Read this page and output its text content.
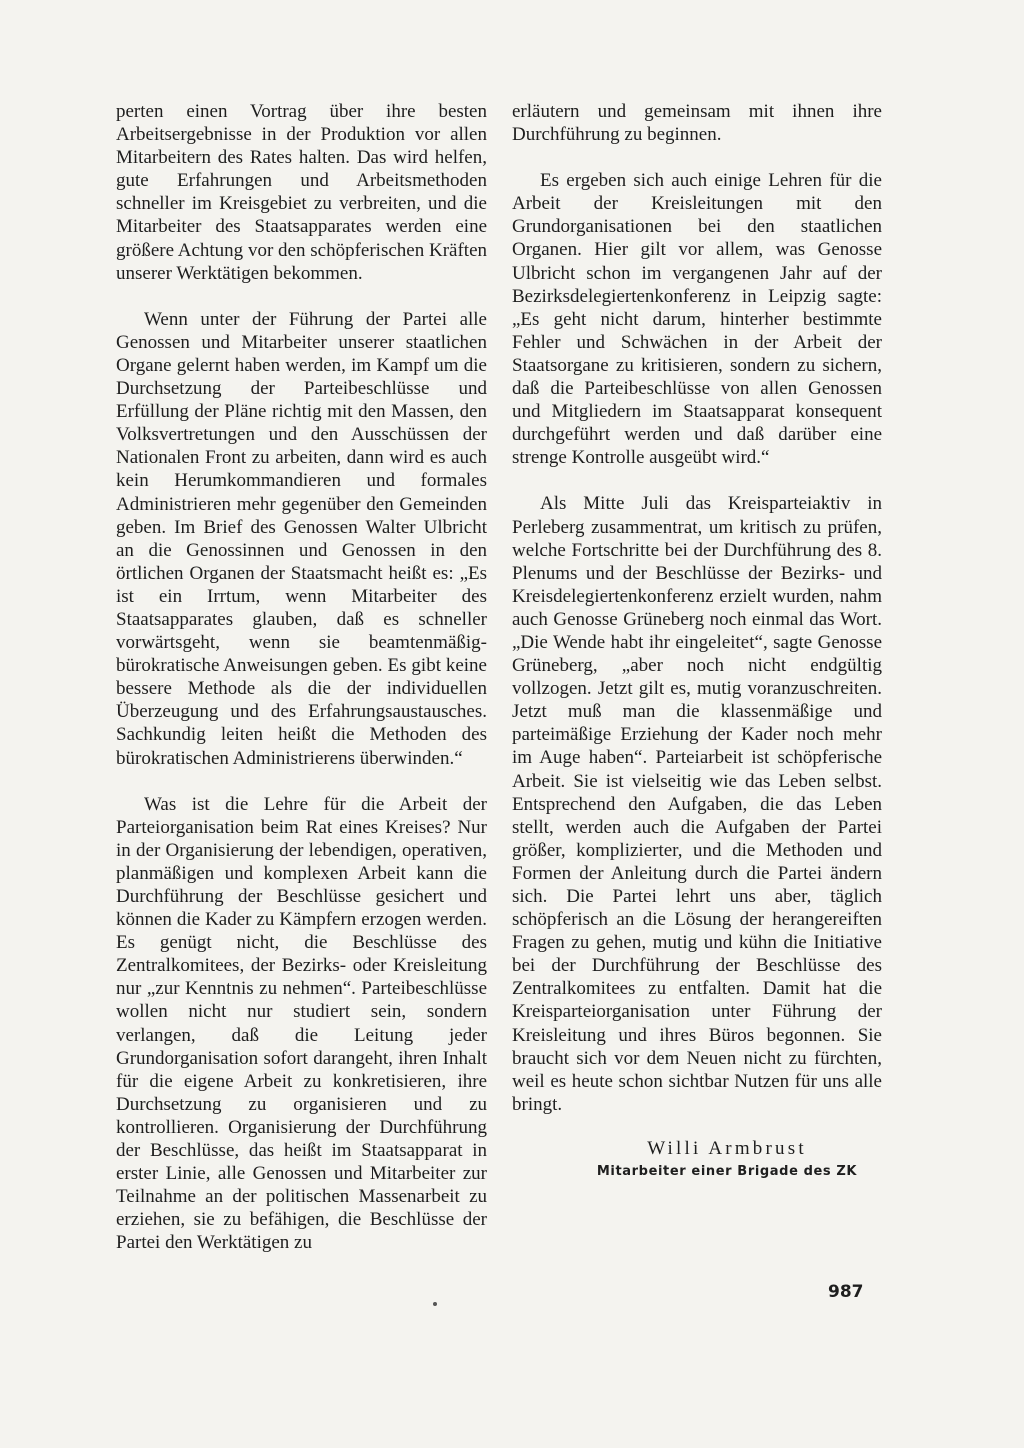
perten einen Vortrag über ihre besten Arbeitsergebnisse in der Produktion vor allen Mitarbeitern des Rates halten. Das wird helfen, gute Erfahrungen und Arbeitsmethoden schneller im Kreisgebiet zu verbreiten, und die Mitarbeiter des Staatsapparates werden eine größere Achtung vor den schöpferischen Kräften unserer Werktätigen bekommen.

Wenn unter der Führung der Partei alle Genossen und Mitarbeiter unserer staatlichen Organe gelernt haben werden, im Kampf um die Durchsetzung der Parteibeschlüsse und Erfüllung der Pläne richtig mit den Massen, den Volksvertretungen und den Ausschüssen der Nationalen Front zu arbeiten, dann wird es auch kein Herumkommandieren und formales Administrieren mehr gegenüber den Gemeinden geben. Im Brief des Genossen Walter Ulbricht an die Genossinnen und Genossen in den örtlichen Organen der Staatsmacht heißt es: „Es ist ein Irrtum, wenn Mitarbeiter des Staatsapparates glauben, daß es schneller vorwärtsgeht, wenn sie beamtenmäßig-bürokratische Anweisungen geben. Es gibt keine bessere Methode als die der individuellen Überzeugung und des Erfahrungsaustausches. Sachkundig leiten heißt die Methoden des bürokratischen Administrierens überwinden.“

Was ist die Lehre für die Arbeit der Parteiorganisation beim Rat eines Kreises? Nur in der Organisierung der lebendigen, operativen, planmäßigen und komplexen Arbeit kann die Durchführung der Beschlüsse gesichert und können die Kader zu Kämpfern erzogen werden. Es genügt nicht, die Beschlüsse des Zentralkomitees, der Bezirks- oder Kreisleitung nur „zur Kenntnis zu nehmen“. Parteibeschlüsse wollen nicht nur studiert sein, sondern verlangen, daß die Leitung jeder Grundorganisation sofort darangeht, ihren Inhalt für die eigene Arbeit zu konkretisieren, ihre Durchsetzung zu organisieren und zu kontrollieren. Organisierung der Durchführung der Beschlüsse, das heißt im Staatsapparat in erster Linie, alle Genossen und Mitarbeiter zur Teilnahme an der politischen Massenarbeit zu erziehen, sie zu befähigen, die Beschlüsse der Partei den Werktätigen zu

erläutern und gemeinsam mit ihnen ihre Durchführung zu beginnen.

Es ergeben sich auch einige Lehren für die Arbeit der Kreisleitungen mit den Grundorganisationen bei den staatlichen Organen. Hier gilt vor allem, was Genosse Ulbricht schon im vergangenen Jahr auf der Bezirksdelegiertenkonferenz in Leipzig sagte: „Es geht nicht darum, hinterher bestimmte Fehler und Schwächen in der Arbeit der Staatsorgane zu kritisieren, sondern zu sichern, daß die Parteibeschlüsse von allen Genossen und Mitgliedern im Staatsapparat konsequent durchgeführt werden und daß darüber eine strenge Kontrolle ausgeübt wird.“

Als Mitte Juli das Kreisparteiaktiv in Perleberg zusammentrat, um kritisch zu prüfen, welche Fortschritte bei der Durchführung des 8. Plenums und der Beschlüsse der Bezirks- und Kreisdelegiertenkonferenz erzielt wurden, nahm auch Genosse Grüneberg noch einmal das Wort. „Die Wende habt ihr eingeleitet“, sagte Genosse Grüneberg, „aber noch nicht endgültig vollzogen. Jetzt gilt es, mutig voranzuschreiten. Jetzt muß man die klassenmäßige und parteimäßige Erziehung der Kader noch mehr im Auge haben“. Parteiarbeit ist schöpferische Arbeit. Sie ist vielseitig wie das Leben selbst. Entsprechend den Aufgaben, die das Leben stellt, werden auch die Aufgaben der Partei größer, komplizierter, und die Methoden und Formen der Anleitung durch die Partei ändern sich. Die Partei lehrt uns aber, täglich schöpferisch an die Lösung der herangereiften Fragen zu gehen, mutig und kühn die Initiative bei der Durchführung der Beschlüsse des Zentralkomitees zu entfalten. Damit hat die Kreisparteiorganisation unter Führung der Kreisleitung und ihres Büros begonnen. Sie braucht sich vor dem Neuen nicht zu fürchten, weil es heute schon sichtbar Nutzen für uns alle bringt.

Willi Armbrust
Mitarbeiter einer Brigade des ZK
987
